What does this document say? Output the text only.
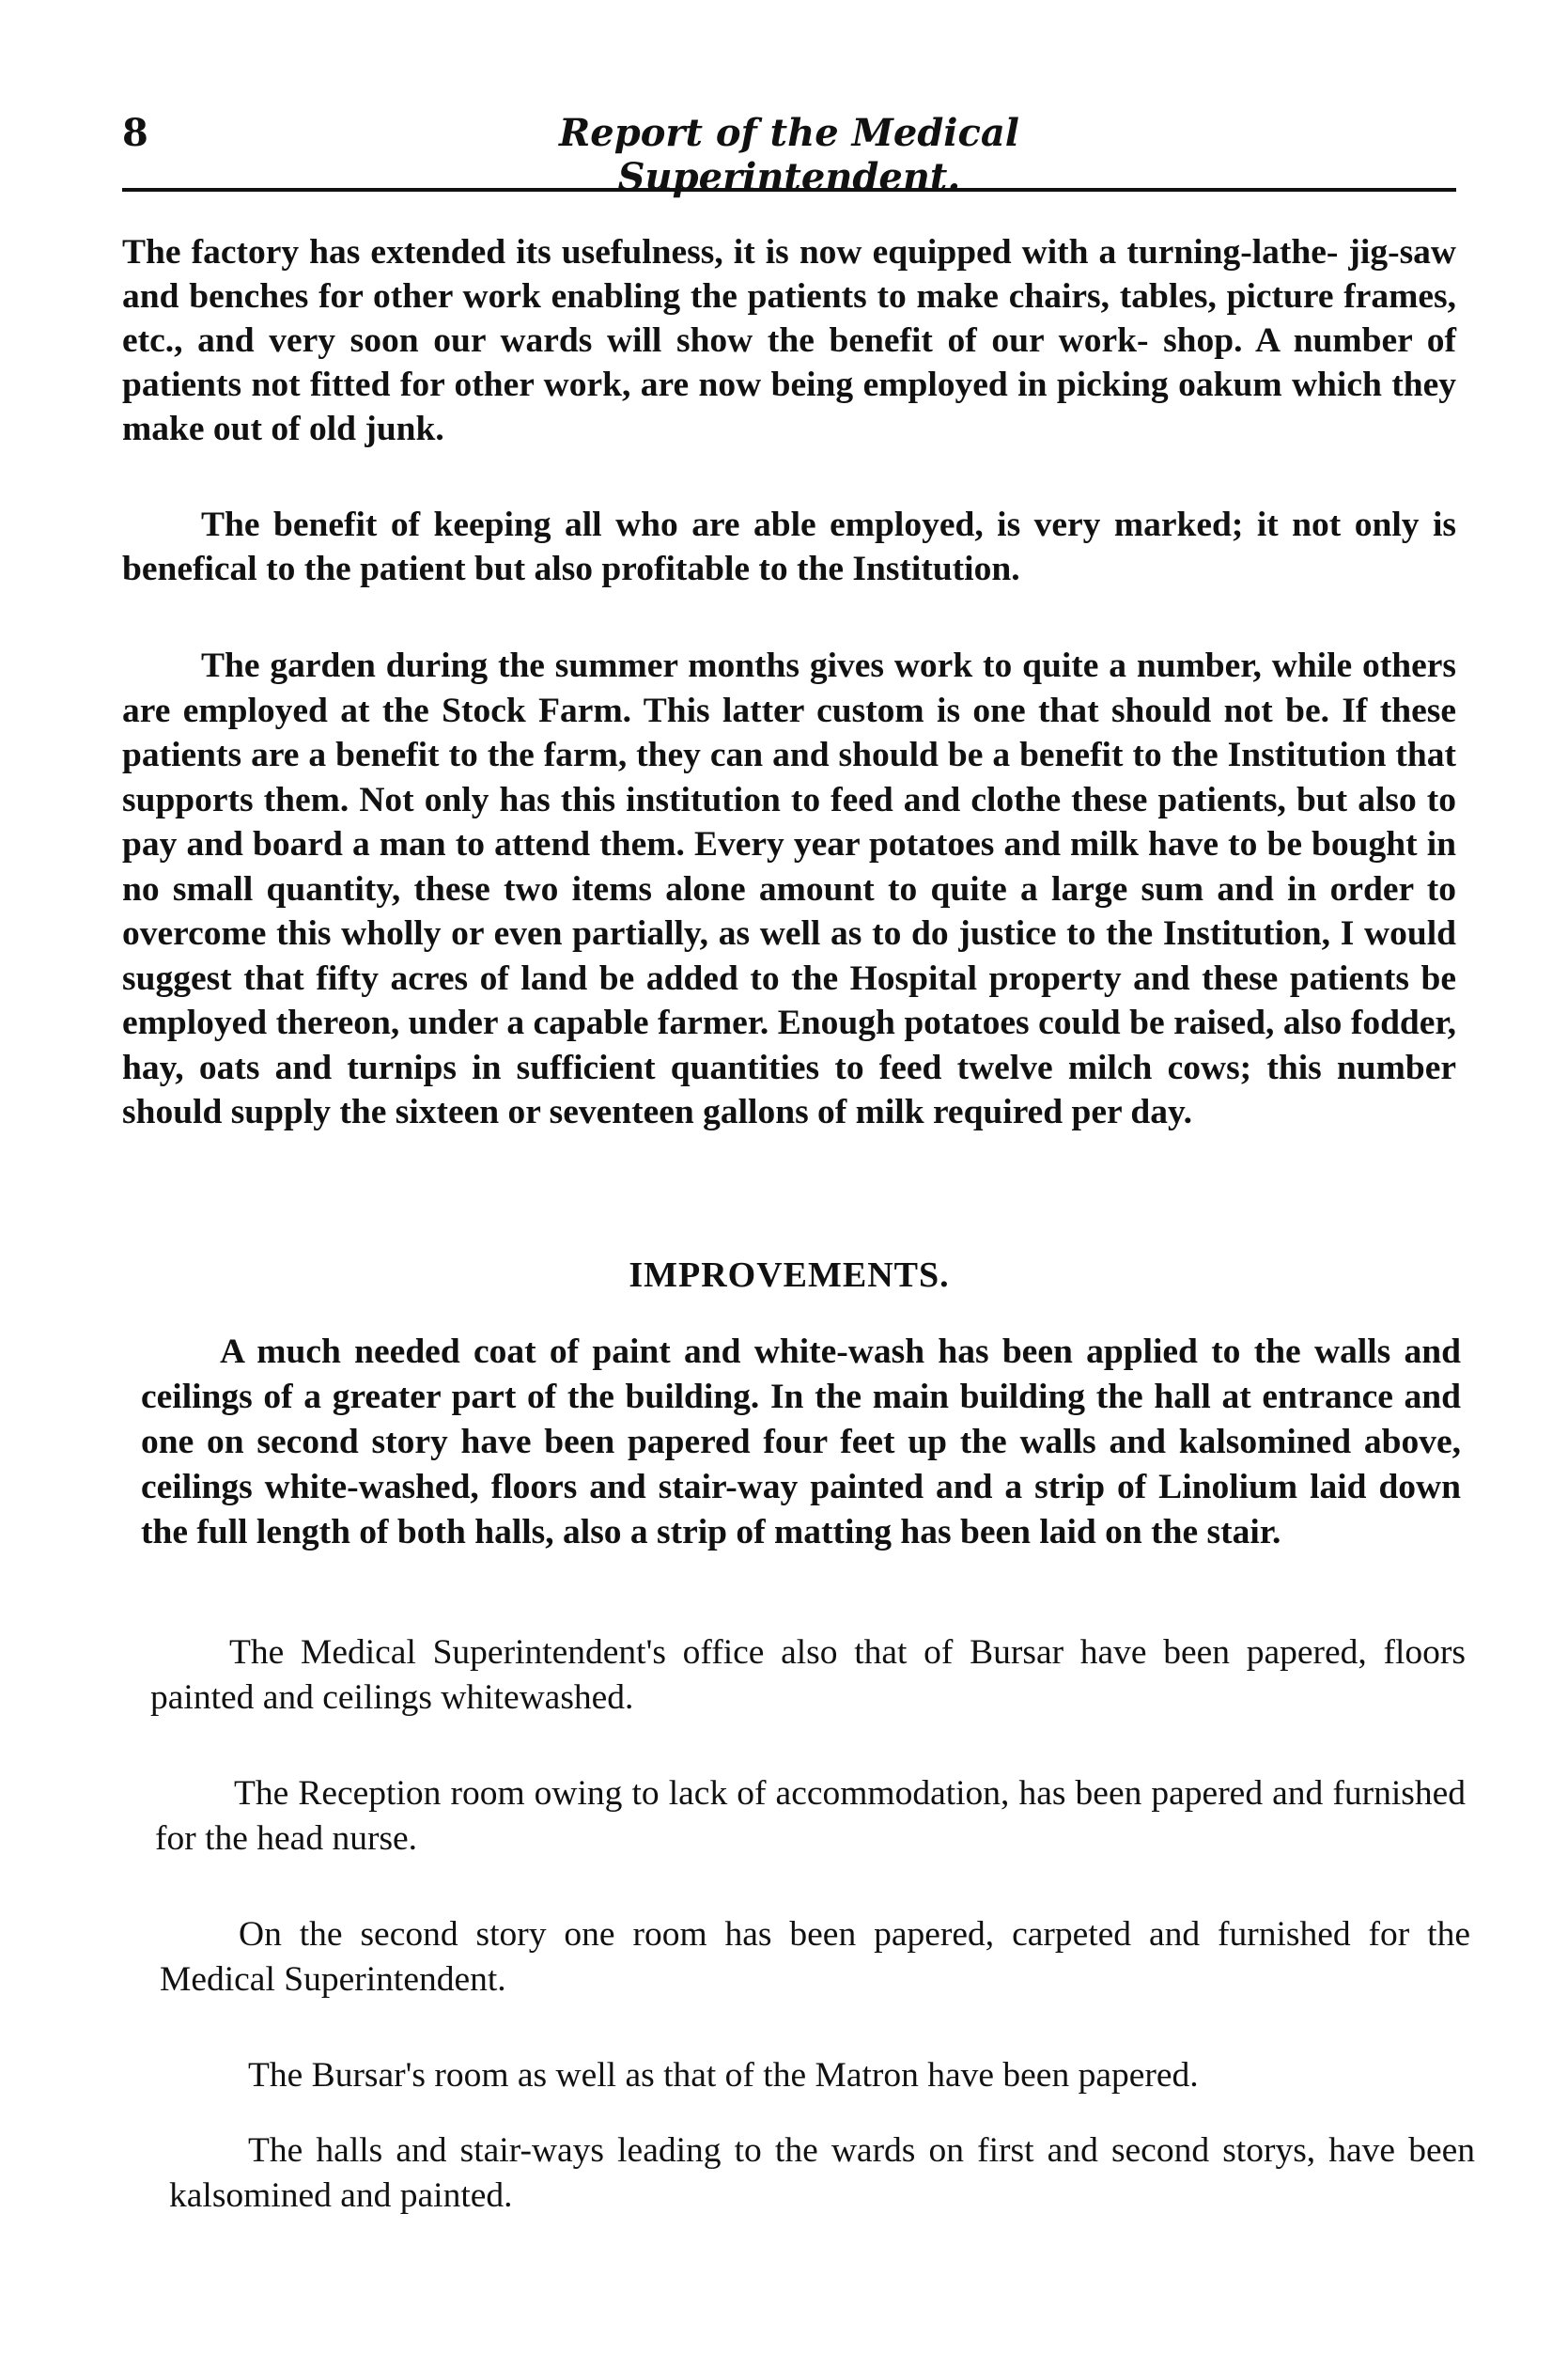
8	Report of the Medical Superintendent.

The factory has extended its usefulness, it is now equipped with a turning-lathe- jig-saw and benches for other work enabling the patients to make chairs, tables, picture frames, etc., and very soon our wards will show the benefit of our work- shop. A number of patients not fitted for other work, are now being employed in picking oakum which they make out of old junk.

The benefit of keeping all who are able employed, is very marked; it not only is benefical to the patient but also profitable to the Institution.

The garden during the summer months gives work to quite a number, while others are employed at the Stock Farm. This latter custom is one that should not be. If these patients are a benefit to the farm, they can and should be a benefit to the Institution that supports them. Not only has this institution to feed and clothe these patients, but also to pay and board a man to attend them. Every year potatoes and milk have to be bought in no small quantity, these two items alone amount to quite a large sum and in order to overcome this wholly or even partially, as well as to do justice to the Institution, I would suggest that fifty acres of land be added to the Hospital property and these patients be employed thereon, under a capable farmer. Enough potatoes could be raised, also fodder, hay, oats and turnips in sufficient quantities to feed twelve milch cows; this number should supply the sixteen or seventeen gallons of milk required per day.

IMPROVEMENTS.

A much needed coat of paint and white-wash has been applied to the walls and ceilings of a greater part of the building. In the main building the hall at entrance and one on second story have been papered four feet up the walls and kalsomined above, ceilings white-washed, floors and stair-way painted and a strip of Linolium laid down the full length of both halls, also a strip of matting has been laid on the stair.

The Medical Superintendent's office also that of Bursar have been papered, floors painted and ceilings whitewashed.

The Reception room owing to lack of accommodation, has been papered and furnished for the head nurse.

On the second story one room has been papered, carpeted and furnished for the Medical Superintendent.

The Bursar's room as well as that of the Matron have been papered.

The halls and stair-ways leading to the wards on first and second storys, have been kalsomined and painted.
